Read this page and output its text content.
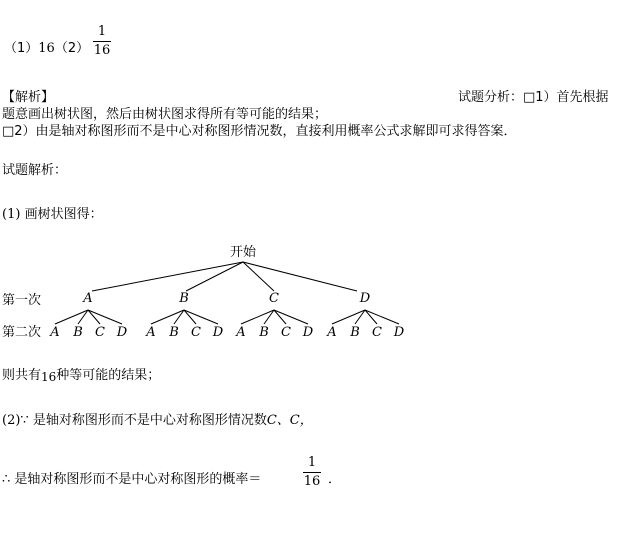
（1）16（2）
1
16
【解析】	试题分析：□1）首先根据
题意画出树状图，然后由树状图求得所有等可能的结果；
□2）由是轴对称图形而不是中心对称图形情况数，直接利用概率公式求解即可求得答案．
试题解析：
(1) 画树状图得：
开始
第一次
第二次
A
A B C D
B
A B C D
C
A B C D
D
A B C D
则共有16种等可能的结果；
(2)∵ 是轴对称图形而不是中心对称图形情况数C、C，
∴ 是轴对称图形而不是中心对称图形的概率＝
1
16 ．
